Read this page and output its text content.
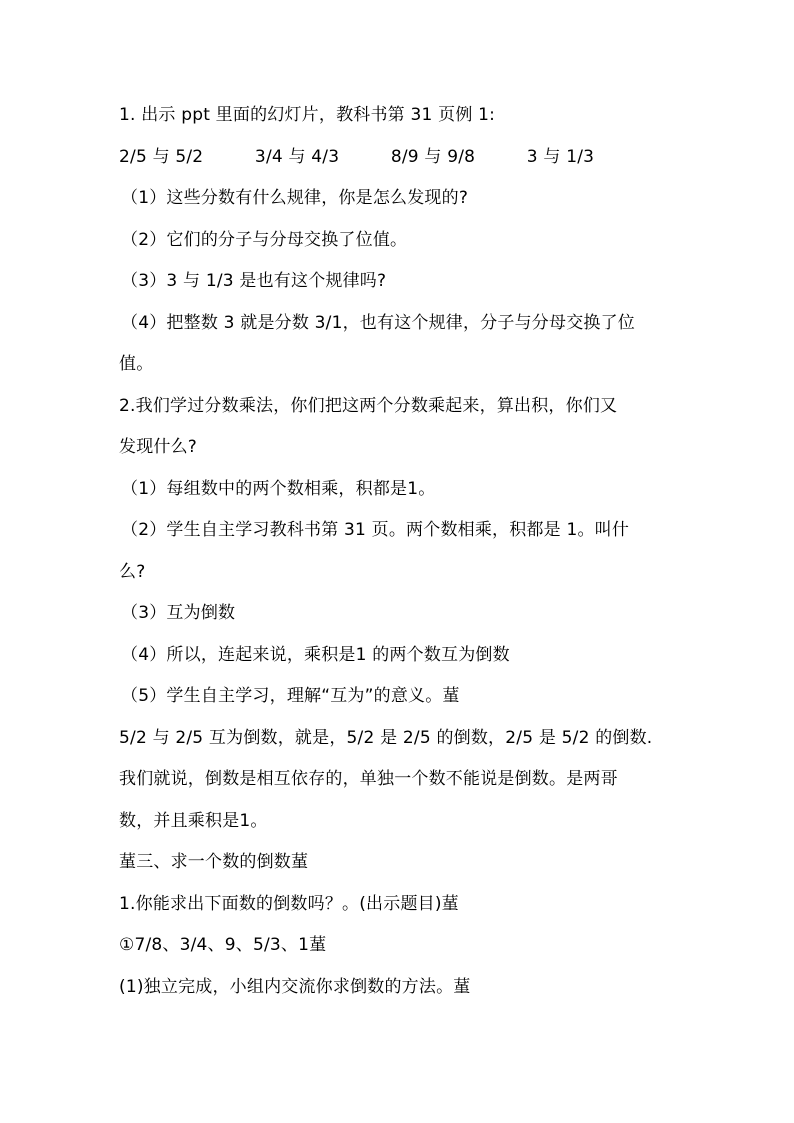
1. 出示 ppt 里面的幻灯片，教科书第 31 页例 1:
2/5 与 5/2　　　3/4 与 4/3　　　8/9 与 9/8　　　3 与 1/3
（1）这些分数有什么规律，你是怎么发现的?
（2）它们的分子与分母交换了位值。
（3）3 与 1/3 是也有这个规律吗?
（4）把整数 3 就是分数 3/1，也有这个规律，分子与分母交换了位
值。
2.我们学过分数乘法，你们把这两个分数乘起来，算出积，你们又
发现什么?
（1）每组数中的两个数相乘，积都是1。
（2）学生自主学习教科书第 31 页。两个数相乘，积都是 1。叫什
么?
（3）互为倒数
（4）所以，连起来说，乘积是1 的两个数互为倒数
（5）学生自主学习，理解“互为”的意义。蓳
5/2 与 2/5 互为倒数，就是，5/2 是 2/5 的倒数，2/5 是 5/2 的倒数.
我们就说，倒数是相互依存的，单独一个数不能说是倒数。是两哥
数，并且乘积是1。
蓳三、求一个数的倒数蓳
1.你能求出下面数的倒数吗？。(出示题目)蓳
①7/8、3/4、9、5/3、1蓳
(1)独立完成，小组内交流你求倒数的方法。蓳
